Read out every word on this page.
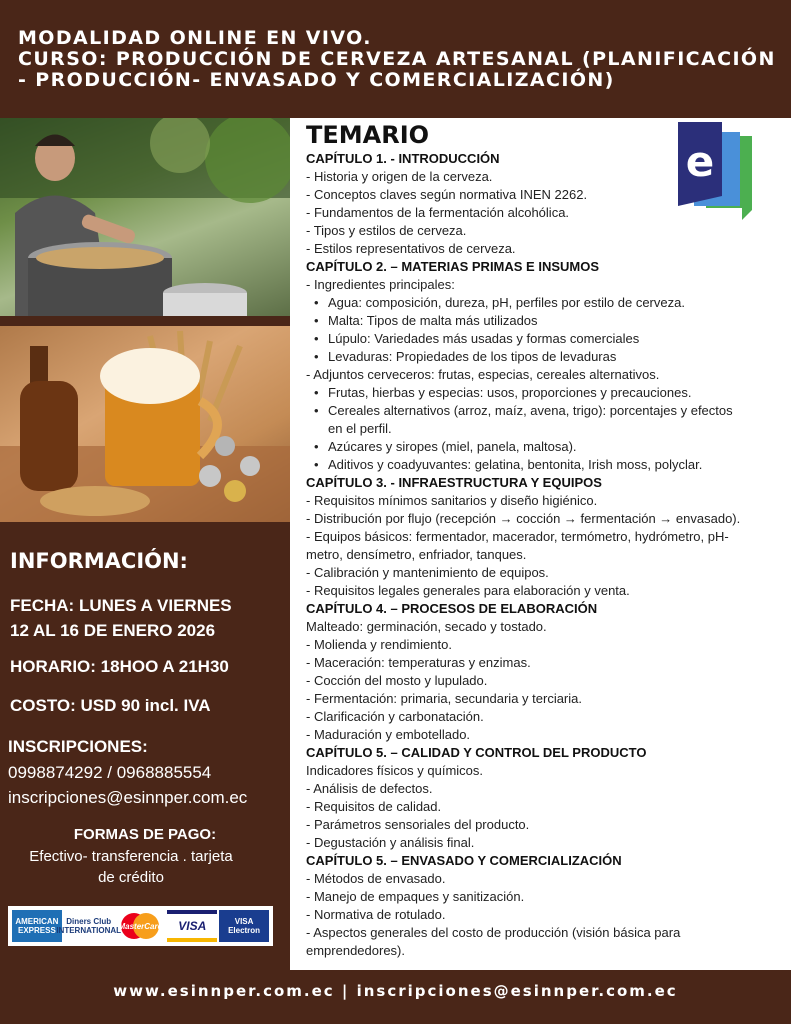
MODALIDAD ONLINE EN VIVO.
CURSO: PRODUCCIÓN DE CERVEZA ARTESANAL (PLANIFICACIÓN
- PRODUCCIÓN- ENVASADO Y COMERCIALIZACIÓN)
INFORMACIÓN:
FECHA: LUNES A VIERNES
12 AL 16 DE ENERO 2026
HORARIO: 18HOO A 21H30
COSTO: USD 90 incl. IVA
INSCRIPCIONES:
0998874292 / 0968885554
inscripciones@esinnper.com.ec
FORMAS DE PAGO:
Efectivo- transferencia . tarjeta
de crédito
AMERICAN EXPRESS
Diners Club INTERNATIONAL
MasterCard VISA	VISA Electron
TEMARIO
e
CAPÍTULO 1. - INTRODUCCIÓN
- Historia y origen de la cerveza.
- Conceptos claves según normativa INEN 2262.
- Fundamentos de la fermentación alcohólica.
- Tipos y estilos de cerveza.
- Estilos representativos de cerveza.
CAPÍTULO 2. – MATERIAS PRIMAS E INSUMOS
- Ingredientes principales:
• Agua: composición, dureza, pH, perfiles por estilo de cerveza.
• Malta: Tipos de malta más utilizados
• Lúpulo: Variedades más usadas y formas comerciales
• Levaduras: Propiedades de los tipos de levaduras
- Adjuntos cerveceros: frutas, especias, cereales alternativos.
• Frutas, hierbas y especias: usos, proporciones y precauciones.
• Cereales alternativos (arroz, maíz, avena, trigo): porcentajes y efectos
en el perfil.
• Azúcares y siropes (miel, panela, maltosa).
• Aditivos y coadyuvantes: gelatina, bentonita, Irish moss, polyclar.
CAPÍTULO 3. - INFRAESTRUCTURA Y EQUIPOS
- Requisitos mínimos sanitarios y diseño higiénico.
- Distribución por flujo (recepción → cocción → fermentación → envasado).
- Equipos básicos: fermentador, macerador, termómetro, hydrómetro, pH-
metro, densímetro, enfriador, tanques.
- Calibración y mantenimiento de equipos.
- Requisitos legales generales para elaboración y venta.
CAPÍTULO 4. – PROCESOS DE ELABORACIÓN
Malteado: germinación, secado y tostado.
- Molienda y rendimiento.
- Maceración: temperaturas y enzimas.
- Cocción del mosto y lupulado.
- Fermentación: primaria, secundaria y terciaria.
- Clarificación y carbonatación.
- Maduración y embotellado.
CAPÍTULO 5. – CALIDAD Y CONTROL DEL PRODUCTO
Indicadores físicos y químicos.
- Análisis de defectos.
- Requisitos de calidad.
- Parámetros sensoriales del producto.
- Degustación y análisis final.
CAPÍTULO 5. – ENVASADO Y COMERCIALIZACIÓN
- Métodos de envasado.
- Manejo de empaques y sanitización.
- Normativa de rotulado.
- Aspectos generales del costo de producción (visión básica para
emprendedores).
www.esinnper.com.ec | inscripciones@esinnper.com.ec
